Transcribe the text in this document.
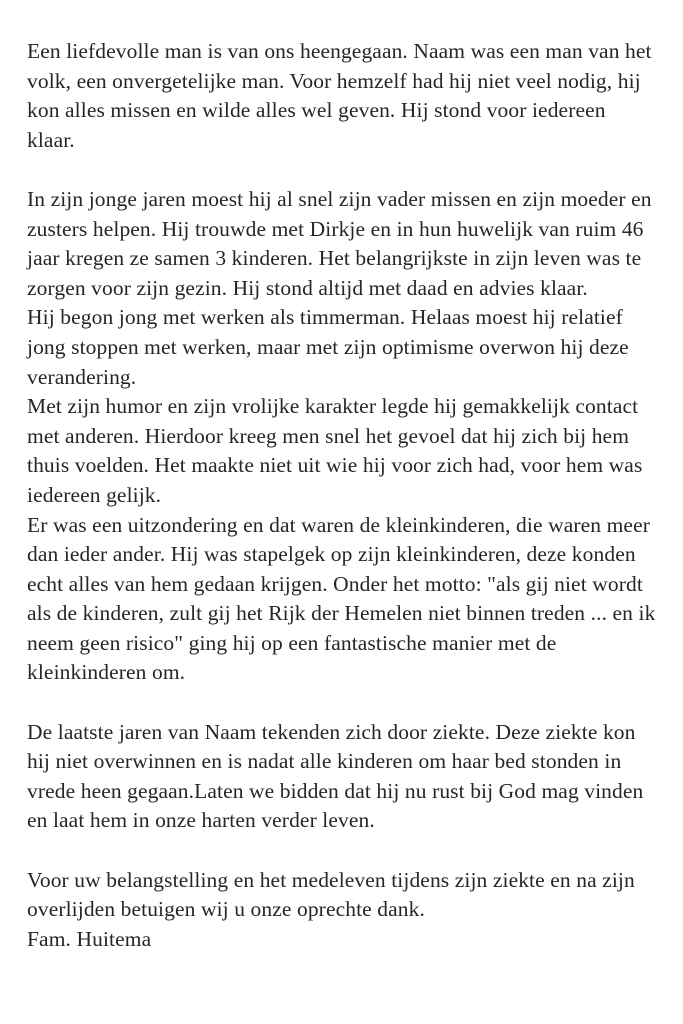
Een liefdevolle man is van ons heengegaan. Naam was een man van het volk, een onvergetelijke man. Voor hemzelf had hij niet veel nodig, hij kon alles missen en wilde alles wel geven. Hij stond voor iedereen klaar.

In zijn jonge jaren moest hij al snel zijn vader missen en zijn moeder en zusters helpen. Hij trouwde met Dirkje en in hun huwelijk van ruim 46 jaar kregen ze samen 3 kinderen. Het belangrijkste in zijn leven was te zorgen voor zijn gezin. Hij stond altijd met daad en advies klaar.

Hij begon jong met werken als timmerman. Helaas moest hij relatief jong stoppen met werken, maar met zijn optimisme overwon hij deze verandering.

Met zijn humor en zijn vrolijke karakter legde hij gemakkelijk contact met anderen. Hierdoor kreeg men snel het gevoel dat hij zich bij hem thuis voelden. Het maakte niet uit wie hij voor zich had, voor hem was iedereen gelijk.

Er was een uitzondering en dat waren de kleinkinderen, die waren meer dan ieder ander. Hij was stapelgek op zijn kleinkinderen, deze konden echt alles van hem gedaan krijgen. Onder het motto: "als gij niet wordt als de kinderen, zult gij het Rijk der Hemelen niet binnen treden ... en ik neem geen risico" ging hij op een fantastische manier met de kleinkinderen om.

De laatste jaren van Naam tekenden zich door ziekte. Deze ziekte kon hij niet overwinnen en is nadat alle kinderen om haar bed stonden in vrede heen gegaan.Laten we bidden dat hij nu rust bij God mag vinden en laat hem in onze harten verder leven.

Voor uw belangstelling en het medeleven tijdens zijn ziekte en na zijn overlijden betuigen wij u onze oprechte dank.

Fam. Huitema
